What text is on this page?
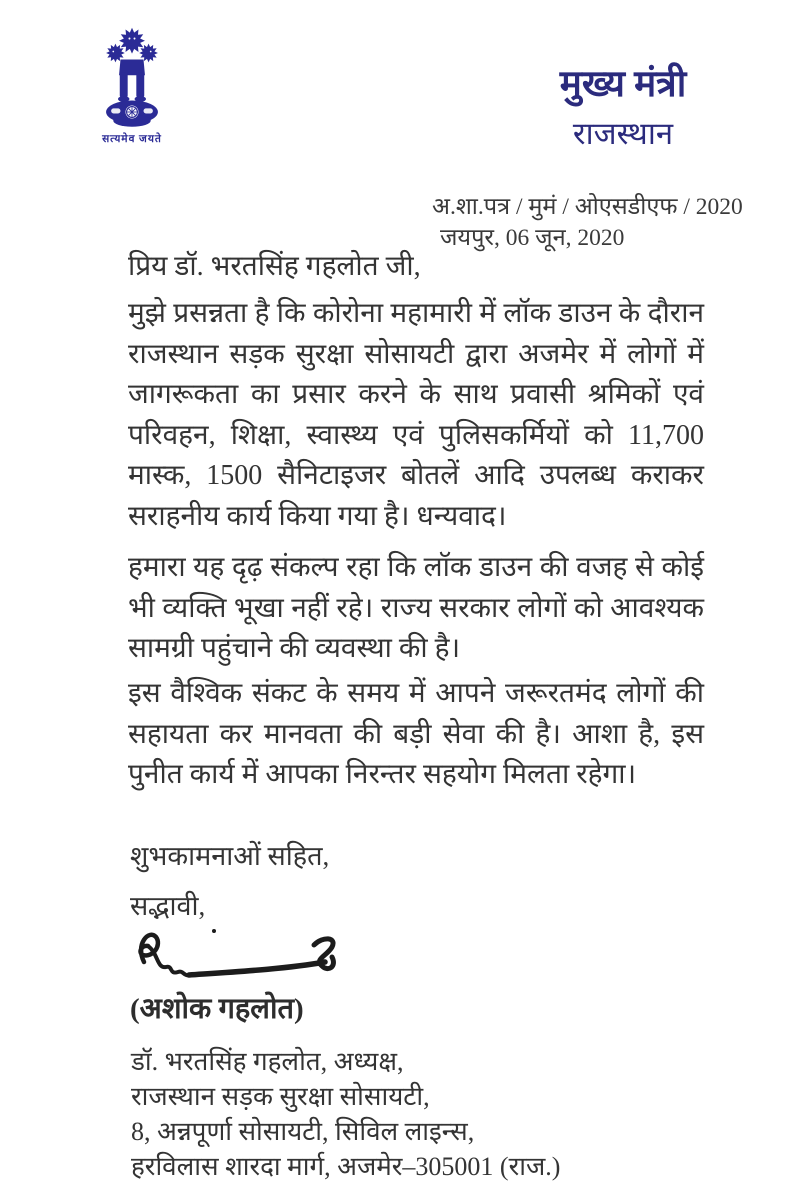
सत्यमेव जयते
मुख्य मंत्री
राजस्थान
अ.शा.पत्र / मुमं / ओएसडीएफ / 2020
जयपुर, 06 जून, 2020
प्रिय डॉ. भरतसिंह गहलोत जी,

मुझे प्रसन्नता है कि कोरोना महामारी में लॉक डाउन के दौरान राजस्थान सड़क सुरक्षा सोसायटी द्वारा अजमेर में लोगों में जागरूकता का प्रसार करने के साथ प्रवासी श्रमिकों एवं परिवहन, शिक्षा, स्वास्थ्य एवं पुलिसकर्मियों को 11,700 मास्क, 1500 सैनिटाइजर बोतलें आदि उपलब्ध कराकर सराहनीय कार्य किया गया है। धन्यवाद।

हमारा यह दृढ़ संकल्प रहा कि लॉक डाउन की वजह से कोई भी व्यक्ति भूखा नहीं रहे। राज्य सरकार लोगों को आवश्यक सामग्री पहुंचाने की व्यवस्था की है।

इस वैश्विक संकट के समय में आपने जरूरतमंद लोगों की सहायता कर मानवता की बड़ी सेवा की है। आशा है, इस पुनीत कार्य में आपका निरन्तर सहयोग मिलता रहेगा।

शुभकामनाओं सहित,
सद्भावी,
(अशोक गहलोत)
डॉ. भरतसिंह गहलोत, अध्यक्ष,
राजस्थान सड़क सुरक्षा सोसायटी,
8, अन्नपूर्णा सोसायटी, सिविल लाइन्स,
हरविलास शारदा मार्ग, अजमेर–305001 (राज.)
